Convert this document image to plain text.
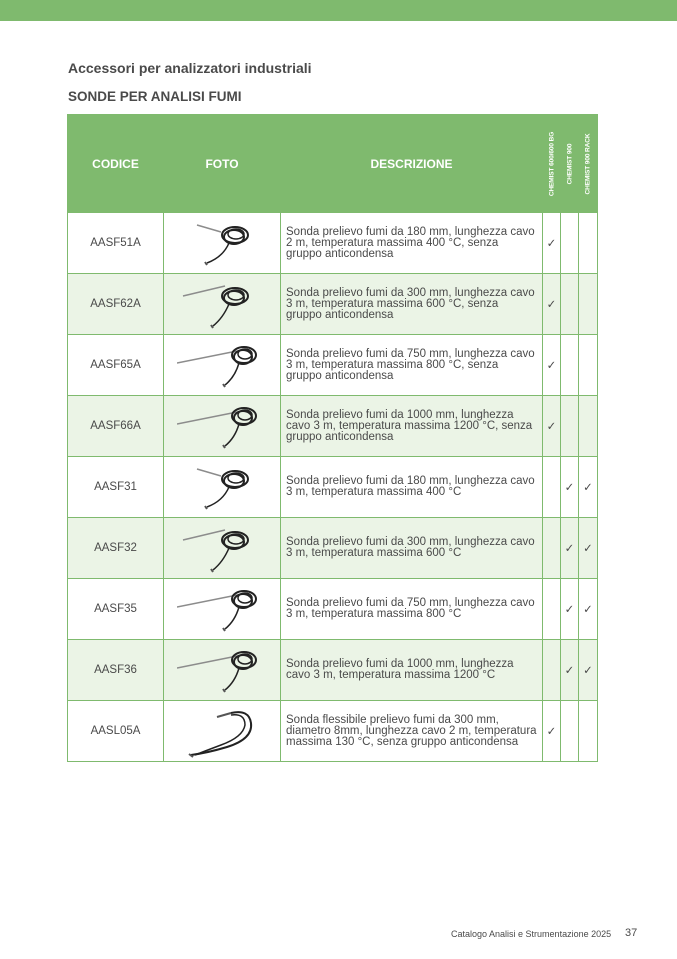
Accessori per analizzatori industriali
SONDE PER ANALISI FUMI
CODICE	FOTO	DESCRIZIONE	CHEMIST 600/600 BG	CHEMIST 900	CHEMIST 900 RACK

AASF51A		Sonda prelievo fumi da 180 mm, lunghezza cavo 2 m, temperatura massima 400 °C, senza gruppo anticondensa	✓		
AASF62A		Sonda prelievo fumi da 300 mm, lunghezza cavo 3 m, temperatura massima 600 °C, senza gruppo anticondensa	✓		
AASF65A		Sonda prelievo fumi da 750 mm, lunghezza cavo 3 m, temperatura massima 800 °C, senza gruppo anticondensa	✓		
AASF66A		Sonda prelievo fumi da 1000 mm, lunghezza cavo 3 m, temperatura massima 1200 °C, senza gruppo anticondensa	✓		
AASF31		Sonda prelievo fumi da 180 mm, lunghezza cavo 3 m, temperatura massima 400 °C		✓	✓
AASF32		Sonda prelievo fumi da 300 mm, lunghezza cavo 3 m, temperatura massima 600 °C		✓	✓
AASF35		Sonda prelievo fumi da 750 mm, lunghezza cavo 3 m, temperatura massima 800 °C		✓	✓
AASF36		Sonda prelievo fumi da 1000 mm, lunghezza cavo 3 m, temperatura massima 1200 °C		✓	✓
AASL05A		Sonda flessibile prelievo fumi da 300 mm, diametro 8mm, lunghezza cavo 2 m, temperatura massima 130 °C, senza gruppo anticondensa	✓		
Catalogo Analisi e Strumentazione 2025 37
